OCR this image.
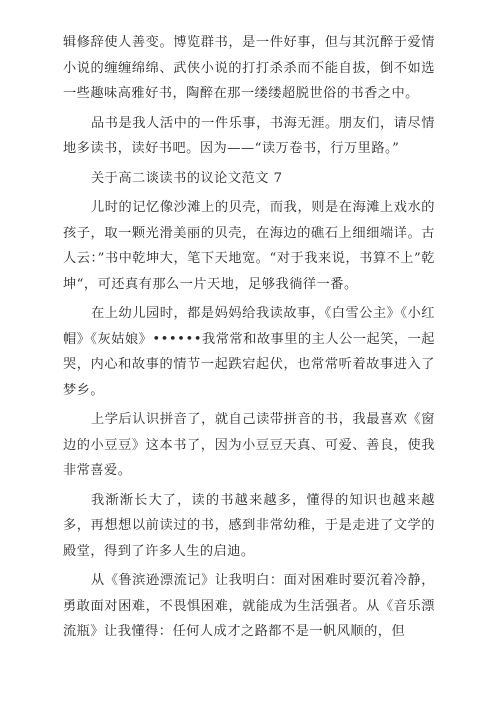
辑修辞使人善变。博览群书，是一件好事，但与其沉醉于爱情小说的缠缠绵绵、武侠小说的打打杀杀而不能自拔，倒不如选一些趣味高雅好书，陶醉在那一缕缕超脱世俗的书香之中。

品书是我人活中的一件乐事，书海无涯。朋友们，请尽情地多读书，读好书吧。因为——“读万卷书，行万里路。”

关于高二谈读书的议论文范文 7

儿时的记忆像沙滩上的贝壳，而我，则是在海滩上戏水的孩子，取一颗光滑美丽的贝壳，在海边的礁石上细细端详。古人云：”书中乾坤大，笔下天地宽。“对于我来说，书算不上”乾坤“，可还真有那么一片天地，足够我徜徉一番。

在上幼儿园时，都是妈妈给我读故事，《白雪公主》《小红帽》《灰姑娘》••••••我常常和故事里的主人公一起笑，一起哭，内心和故事的情节一起跌宕起伏，也常常听着故事进入了梦乡。

上学后认识拼音了，就自己读带拼音的书，我最喜欢《窗边的小豆豆》这本书了，因为小豆豆天真、可爱、善良，使我非常喜爱。

我渐渐长大了，读的书越来越多，懂得的知识也越来越多，再想想以前读过的书，感到非常幼稚，于是走进了文学的殿堂，得到了许多人生的启迪。

从《鲁滨逊漂流记》让我明白：面对困难时要沉着冷静，勇敢面对困难，不畏惧困难，就能成为生活强者。从《音乐漂流瓶》让我懂得：任何人成才之路都不是一帆风顺的，但
